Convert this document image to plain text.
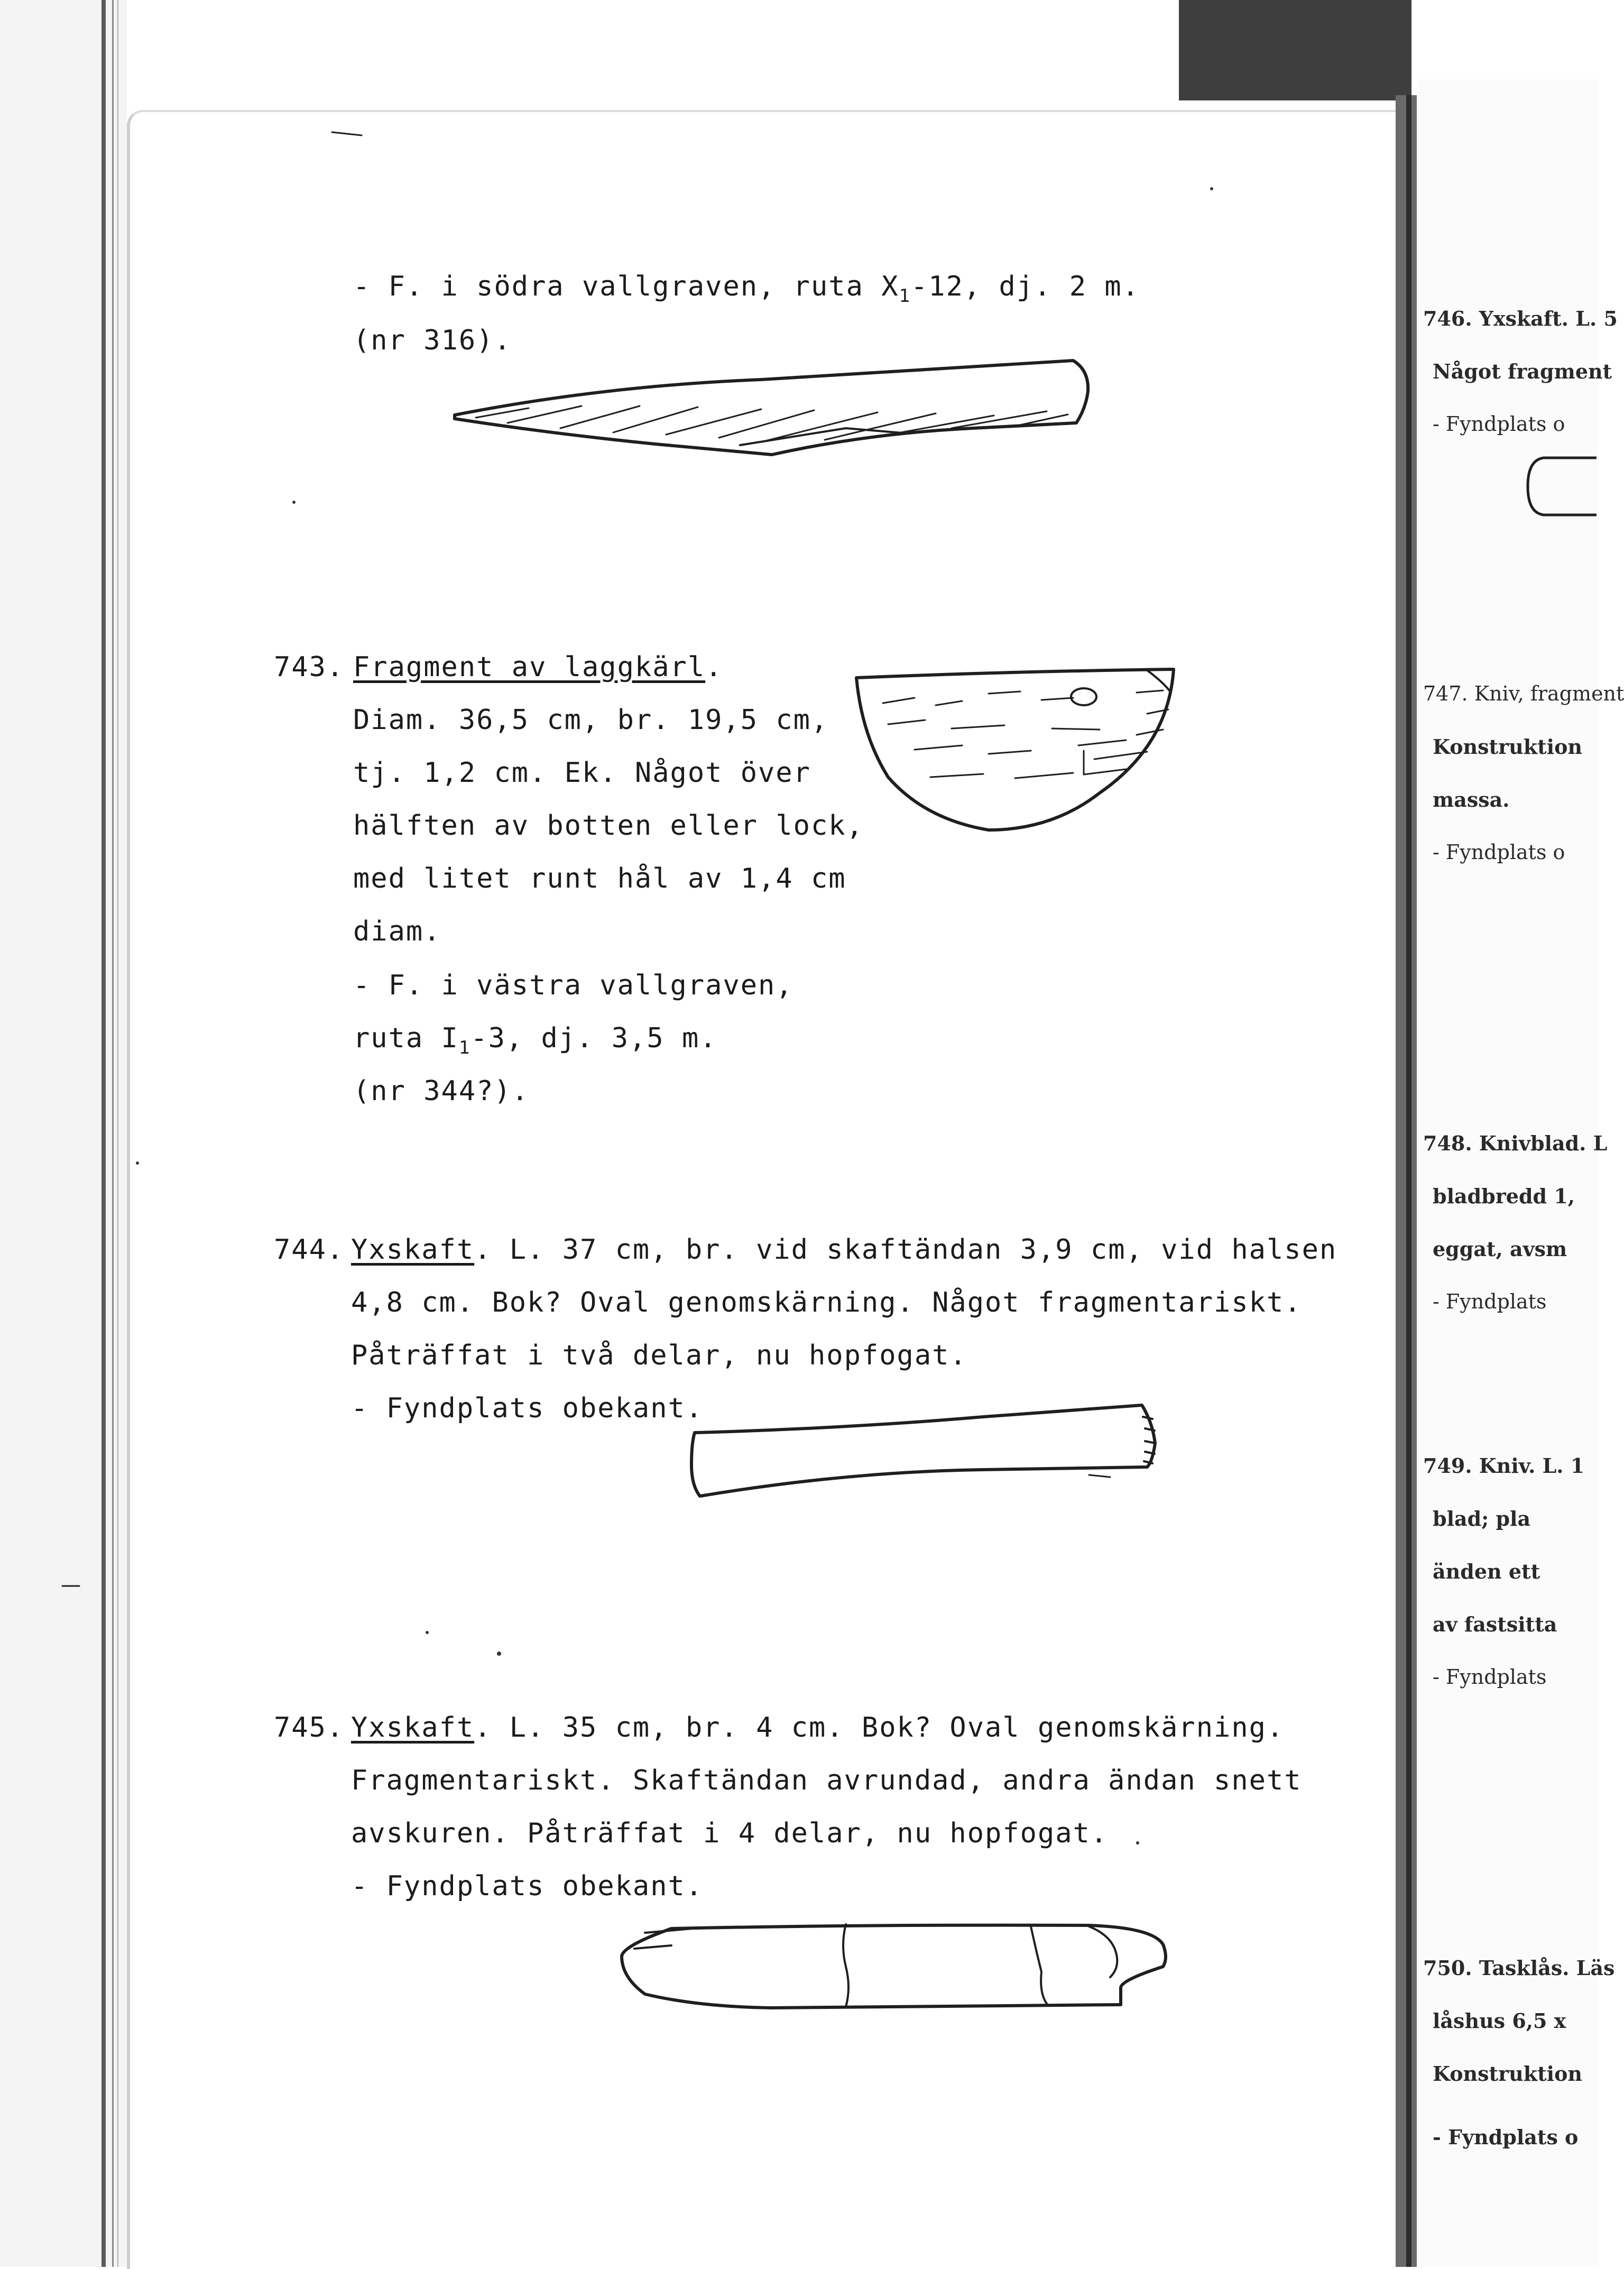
- F. i södra vallgraven, ruta $X_1-12$, dj. 2 m.
(nr 316).
743. Fragment av laggkärl.
Diam. 36,5 cm, br. 19,5 cm,
tj. 1,2 cm. Ek. Något över
hälften av botten eller lock,
med litet runt hål av 1,4 cm
diam.
- F. i västra vallgraven,
ruta $I_1-3$, dj. 3,5 m.
(nr 344?).
744. Yxskaft. L. 37 cm, br. vid skaftändan 3,9 cm, vid halsen
4,8 cm. Bok? Oval genomskärning. Något fragmentariskt.
Påträffat i två delar, nu hopfogat.
- Fyndplats obekant.
745. Yxskaft. L. 35 cm, br. 4 cm. Bok? Oval genomskärning.
Fragmentariskt. Skaftändan avrundad, andra ändan snett
avskuren. Påträffat i 4 delar, nu hopfogat.
- Fyndplats obekant.
746. Yxskaft. L. 5
Något fragment
- Fyndplats o
747. Kniv, fragment
Konstruktion
massa.
- Fyndplats o
748. Knivblad. L
bladbredd 1,
eggat, avsm
- Fyndplats
749. Kniv. L. 1
blad; pla
änden ett
av fastsitta
- Fyndplats
750. Tasklås. Läs
låshus 6,5 x
Konstruktion
- Fyndplats o
